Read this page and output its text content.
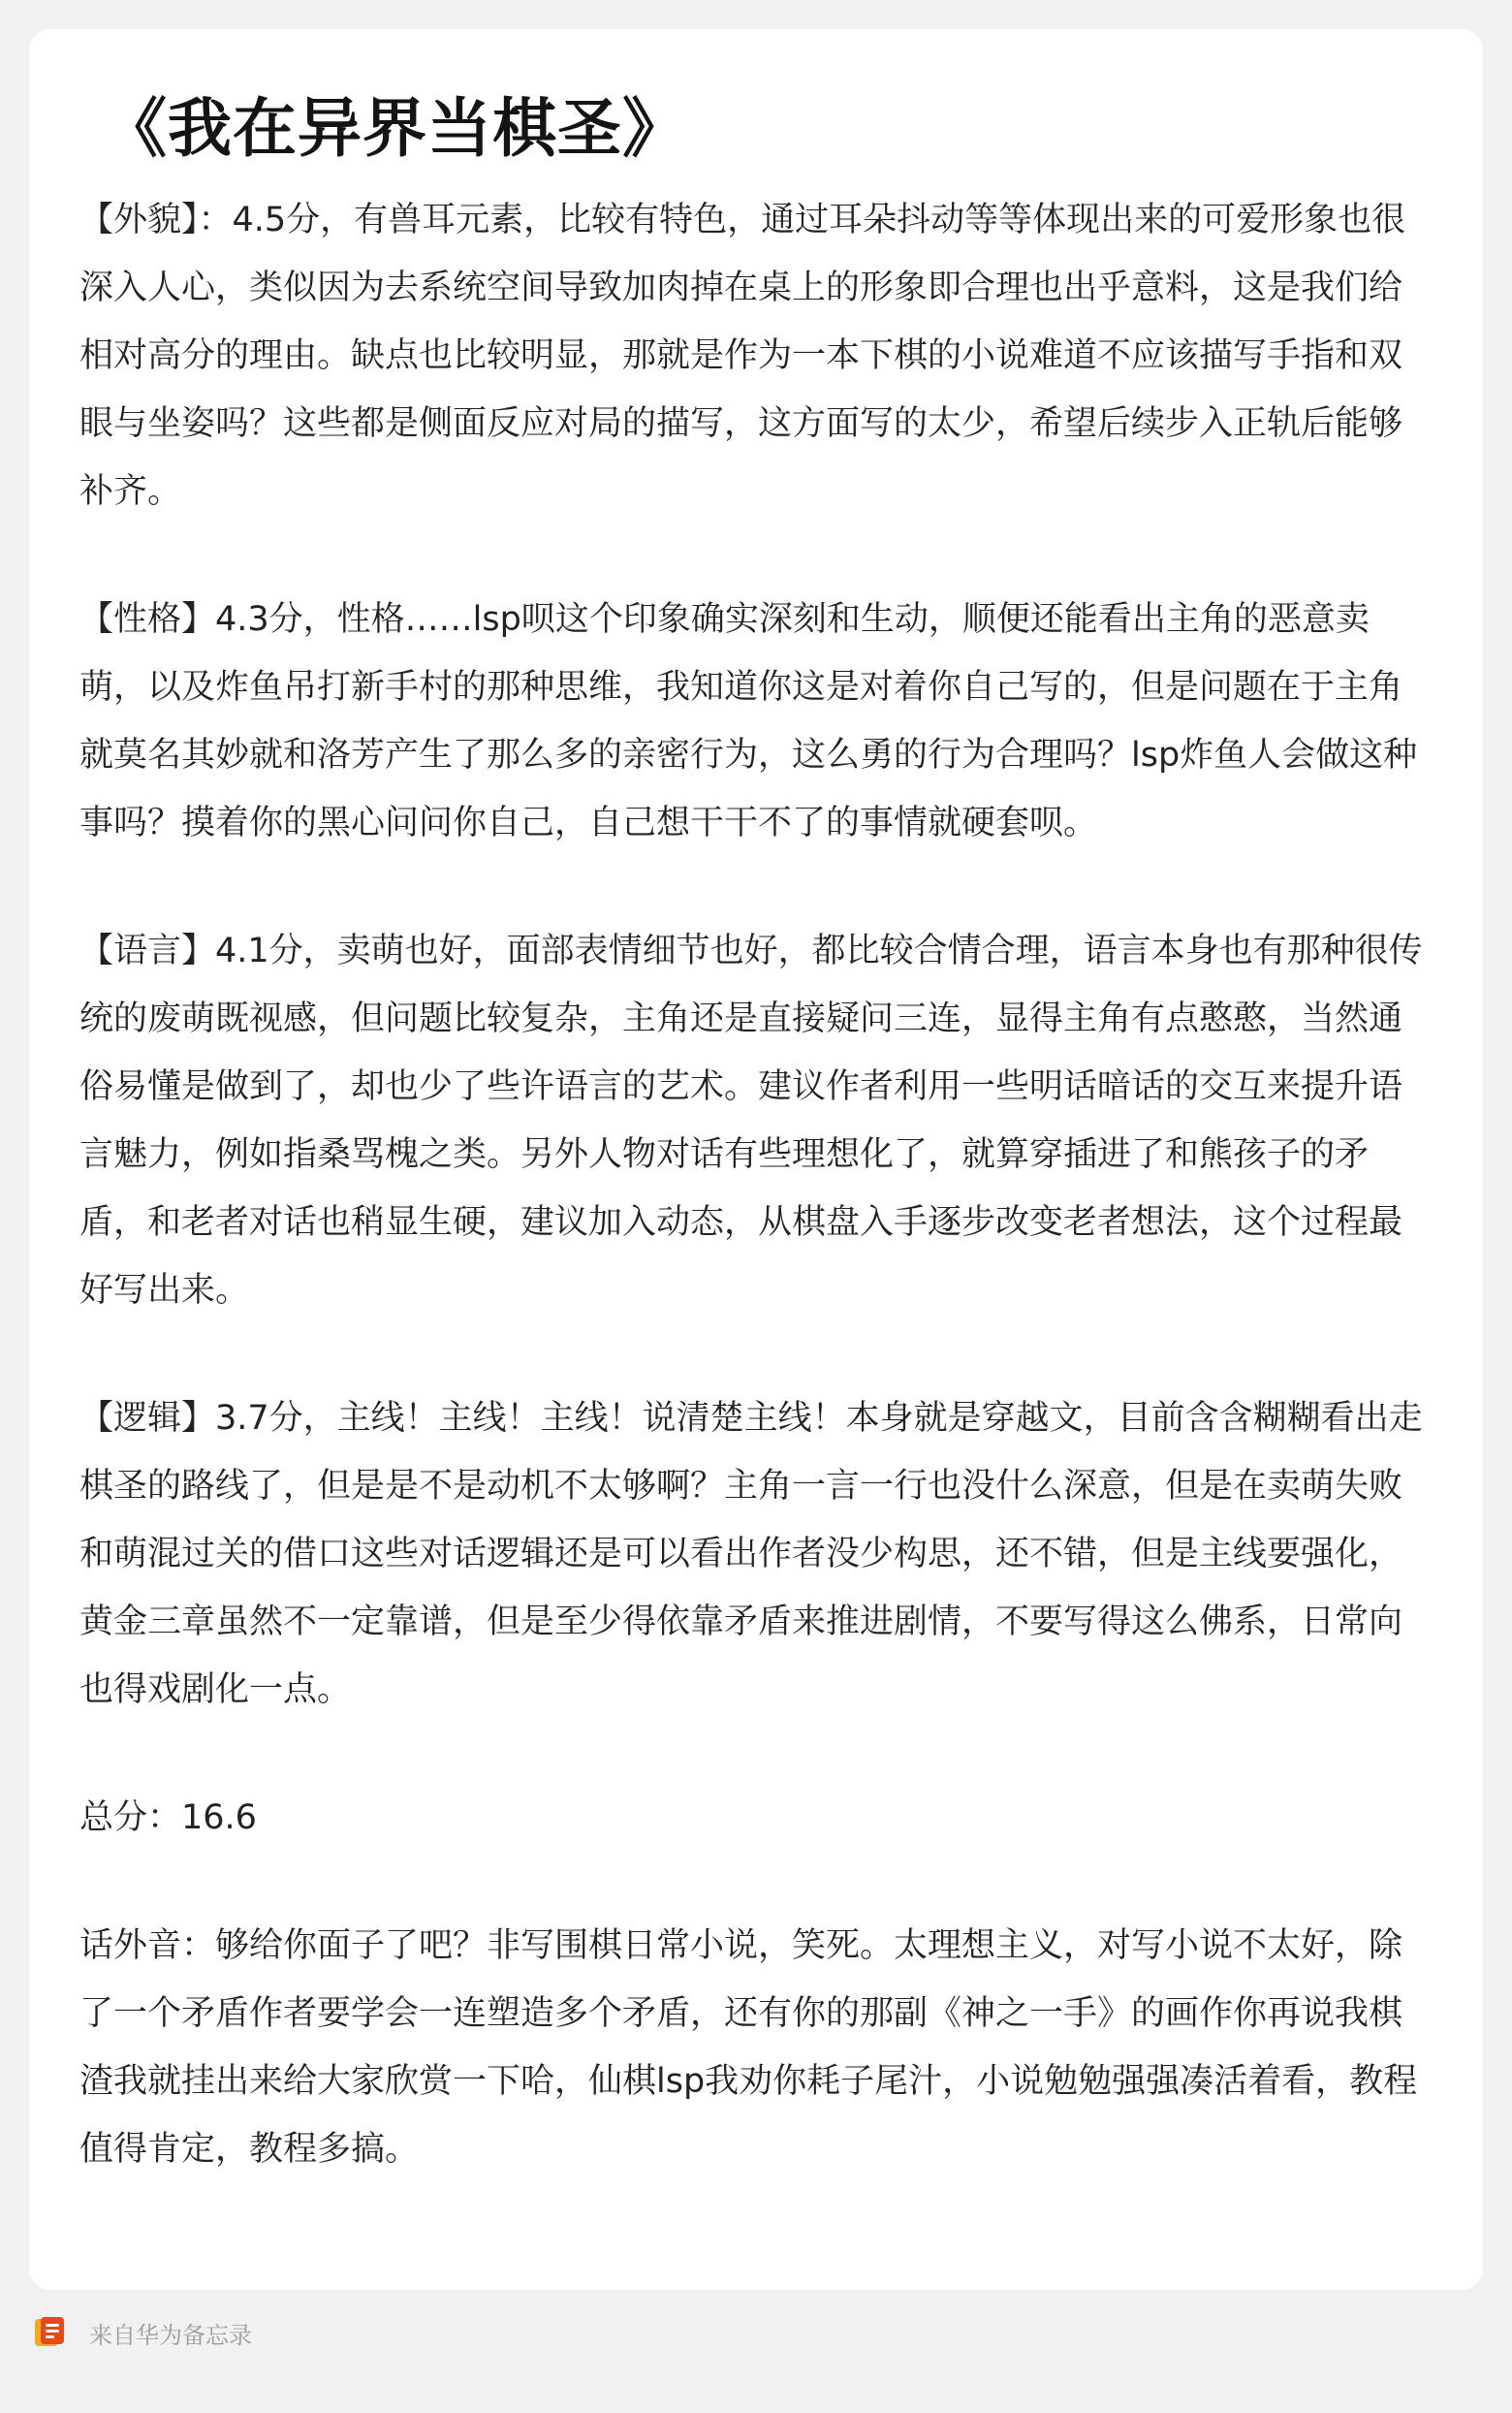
《我在异界当棋圣》

【外貌】：4.5分，有兽耳元素，比较有特色，通过耳朵抖动等等体现出来的可爱形象也很深入人心，类似因为去系统空间导致加肉掉在桌上的形象即合理也出乎意料，这是我们给相对高分的理由。缺点也比较明显，那就是作为一本下棋的小说难道不应该描写手指和双眼与坐姿吗？这些都是侧面反应对局的描写，这方面写的太少，希望后续步入正轨后能够补齐。

【性格】4.3分，性格……lsp呗这个印象确实深刻和生动，顺便还能看出主角的恶意卖萌，以及炸鱼吊打新手村的那种思维，我知道你这是对着你自己写的，但是问题在于主角就莫名其妙就和洛芳产生了那么多的亲密行为，这么勇的行为合理吗？lsp炸鱼人会做这种事吗？摸着你的黑心问问你自己，自己想干干不了的事情就硬套呗。

【语言】4.1分，卖萌也好，面部表情细节也好，都比较合情合理，语言本身也有那种很传统的废萌既视感，但问题比较复杂，主角还是直接疑问三连，显得主角有点憨憨，当然通俗易懂是做到了，却也少了些许语言的艺术。建议作者利用一些明话暗话的交互来提升语言魅力，例如指桑骂槐之类。另外人物对话有些理想化了，就算穿插进了和熊孩子的矛盾，和老者对话也稍显生硬，建议加入动态，从棋盘入手逐步改变老者想法，这个过程最好写出来。

【逻辑】3.7分，主线！主线！主线！说清楚主线！本身就是穿越文，目前含含糊糊看出走棋圣的路线了，但是是不是动机不太够啊？主角一言一行也没什么深意，但是在卖萌失败和萌混过关的借口这些对话逻辑还是可以看出作者没少构思，还不错，但是主线要强化，黄金三章虽然不一定靠谱，但是至少得依靠矛盾来推进剧情，不要写得这么佛系，日常向也得戏剧化一点。

总分：16.6

话外音：够给你面子了吧？非写围棋日常小说，笑死。太理想主义，对写小说不太好，除了一个矛盾作者要学会一连塑造多个矛盾，还有你的那副《神之一手》的画作你再说我棋渣我就挂出来给大家欣赏一下哈，仙棋lsp我劝你耗子尾汁，小说勉勉强强凑活着看，教程值得肯定，教程多搞。

来自华为备忘录
